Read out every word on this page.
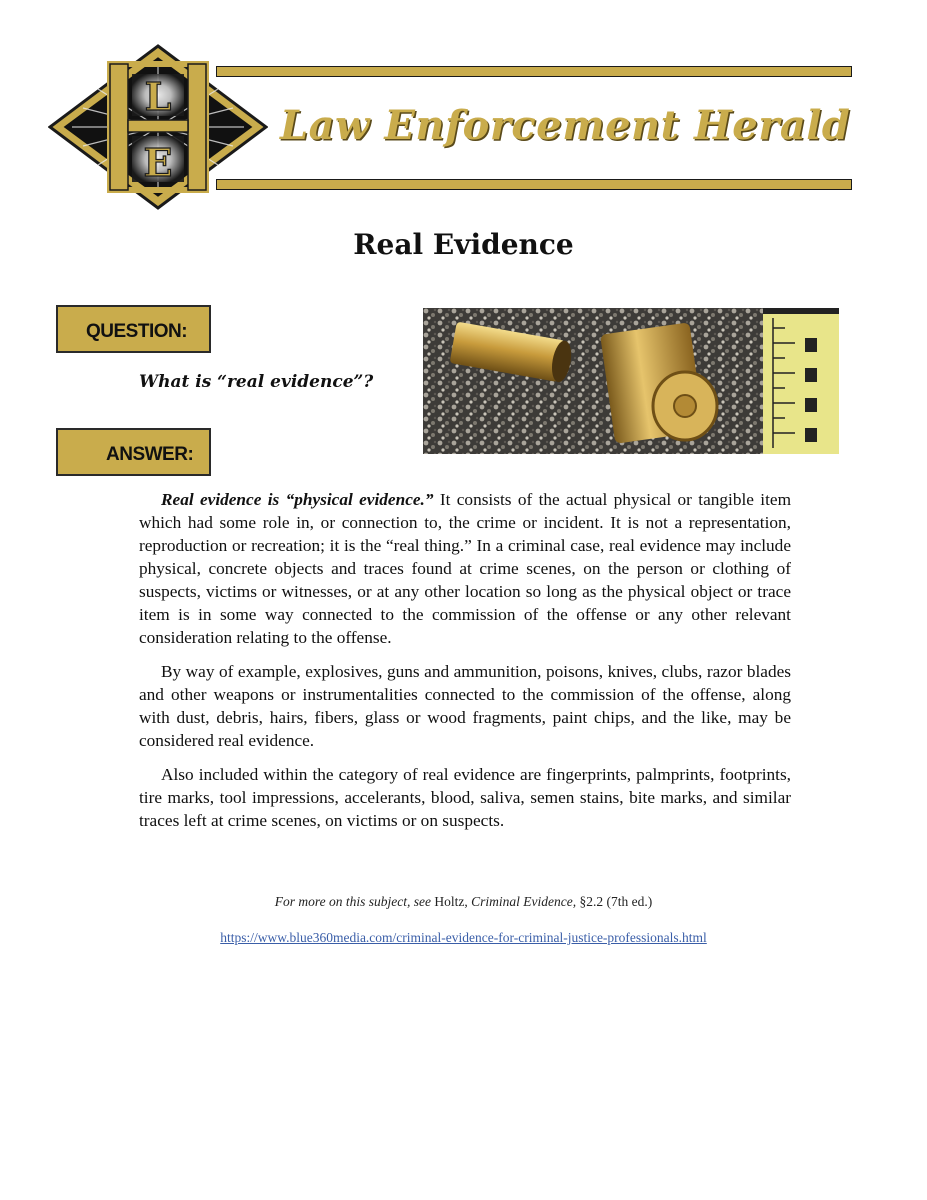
L
E
Law Enforcement Herald
Real Evidence
QUESTION:

What is “real evidence”?

ANSWER:

Real evidence is “physical evidence.” It consists of the actual physical or tangible item which had some role in, or connection to, the crime or incident. It is not a representation, reproduction or recreation; it is the “real thing.” In a criminal case, real evidence may include physical, concrete objects and traces found at crime scenes, on the person or clothing of suspects, victims or witnesses, or at any other location so long as the physical object or trace item is in some way connected to the commission of the offense or any other relevant consideration relating to the offense.

By way of example, explosives, guns and ammunition, poisons, knives, clubs, razor blades and other weapons or instrumentalities connected to the commission of the offense, along with dust, debris, hairs, fibers, glass or wood fragments, paint chips, and the like, may be considered real evidence.

Also included within the category of real evidence are fingerprints, palmprints, footprints, tire marks, tool impressions, accelerants, blood, saliva, semen stains, bite marks, and similar traces left at crime scenes, on victims or on suspects.

For more on this subject, see Holtz, Criminal Evidence, §2.2 (7th ed.)

https://www.blue360media.com/criminal-evidence-for-criminal-justice-professionals.html
